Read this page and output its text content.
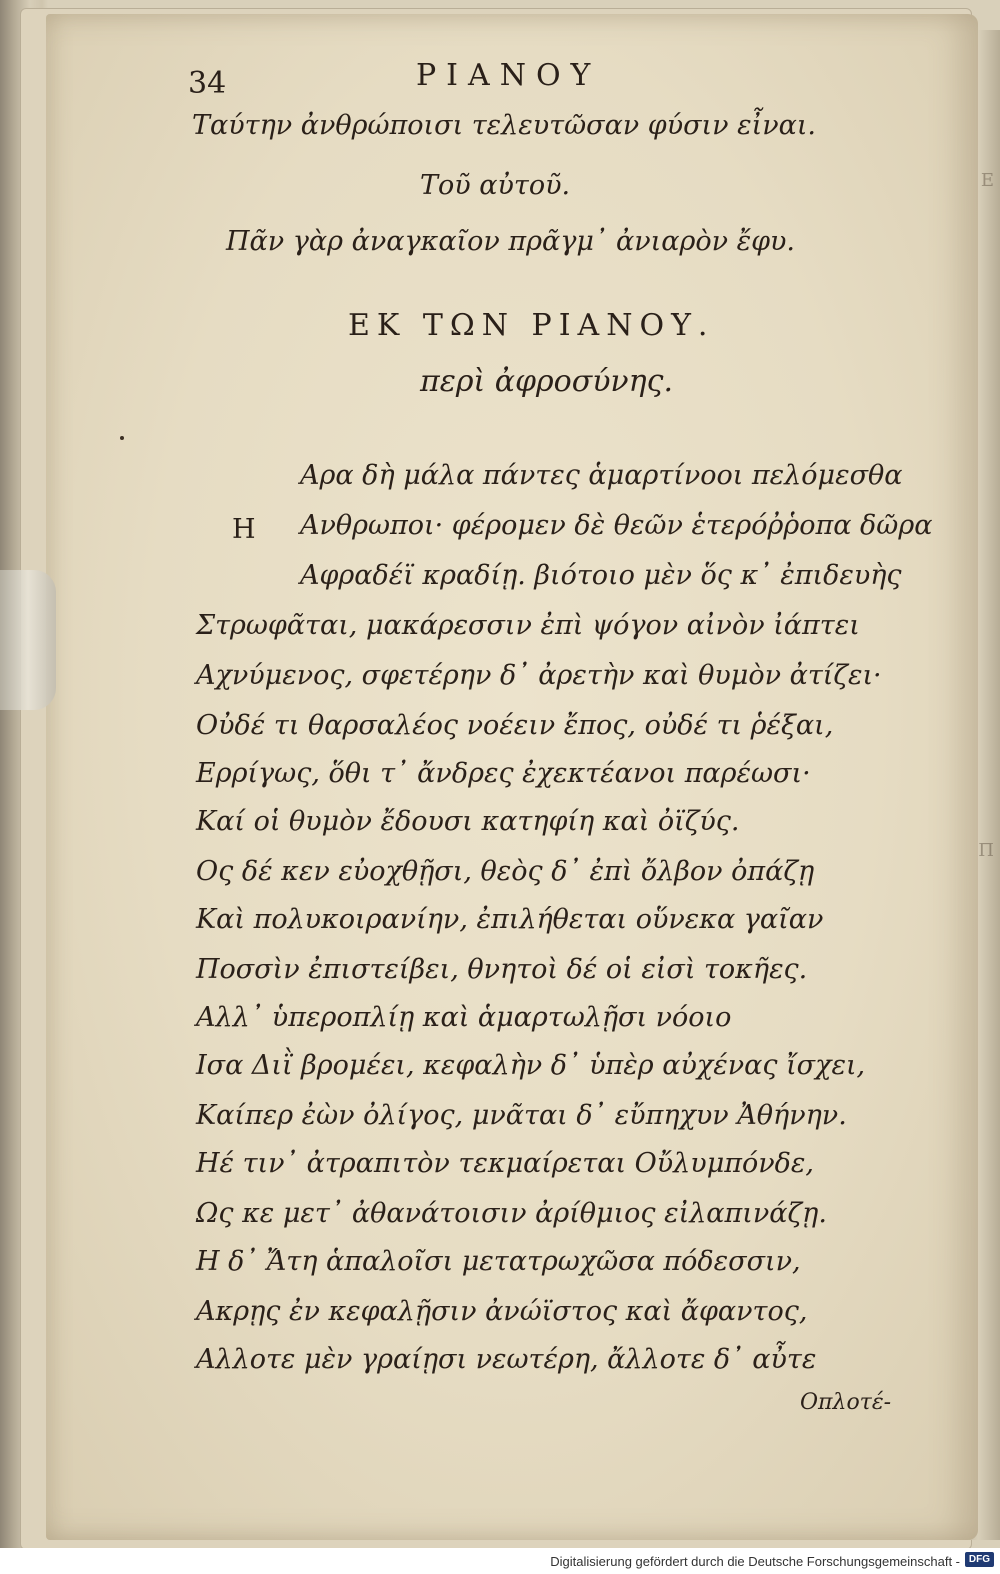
E
Π
34	ΡΙΑΝΟΥ
Ταύτην ἀνθρώποισι τελευτῶσαν φύσιν εἶναι.
Τοῦ αὐτοῦ.
Πᾶν γὰρ ἀναγκαῖον πρᾶγμ᾽ ἀνιαρὸν ἔφυ.
ΕΚ ΤΩΝ ΡΙΑΝΟΥ.
περὶ ἀφροσύνης.
Η
Αρα δὴ μάλα πάντες ἁμαρτίνοοι πελόμεσθα
Ανθρωποι· φέρομεν δὲ θεῶν ἑτερόῤῥοπα δῶρα
Αφραδέϊ κραδίῃ. βιότοιο μὲν ὅς κ᾽ ἐπιδευὴς
Στρωφᾶται, μακάρεσσιν ἐπὶ ψόγον αἰνὸν ἰάπτει
Αχνύμενος, σφετέρην δ᾽ ἀρετὴν καὶ θυμὸν ἀτίζει·
Οὐδέ τι θαρσαλέος νοέειν ἔπος, οὐδέ τι ῥέξαι,
Ερρίγως, ὅθι τ᾽ ἄνδρες ἐχεκτέανοι παρέωσι·
Καί οἱ θυμὸν ἔδουσι κατηφίη καὶ ὀϊζύς.
Ος δέ κεν εὐοχθῇσι, θεὸς δ᾽ ἐπὶ ὄλβον ὀπάζῃ
Καὶ πολυκοιρανίην, ἐπιλήθεται οὕνεκα γαῖαν
Ποσσὶν ἐπιστείβει, θνητοὶ δέ οἱ εἰσὶ τοκῆες.
Αλλ᾽ ὑπεροπλίῃ καὶ ἁμαρτωλῇσι νόοιο
Ισα Διῒ βρομέει, κεφαλὴν δ᾽ ὑπὲρ αὐχένας ἴσχει,
Καίπερ ἐὼν ὀλίγος, μνᾶται δ᾽ εὔπηχυν Ἀθήνην.
Ηέ τιν᾽ ἀτραπιτὸν τεκμαίρεται Οὔλυμπόνδε,
Ως κε μετ᾽ ἀθανάτοισιν ἀρίθμιος εἰλαπινάζῃ.
Η δ᾽ Ἄτη ἁπαλοῖσι μετατρωχῶσα πόδεσσιν,
Ακρῃς ἐν κεφαλῇσιν ἀνώϊστος καὶ ἄφαντος,
Αλλοτε μὲν γραίῃσι νεωτέρη, ἄλλοτε δ᾽ αὖτε
Οπλοτέ-
Digitalisierung gefördert durch die Deutsche Forschungsgemeinschaft - DFG
